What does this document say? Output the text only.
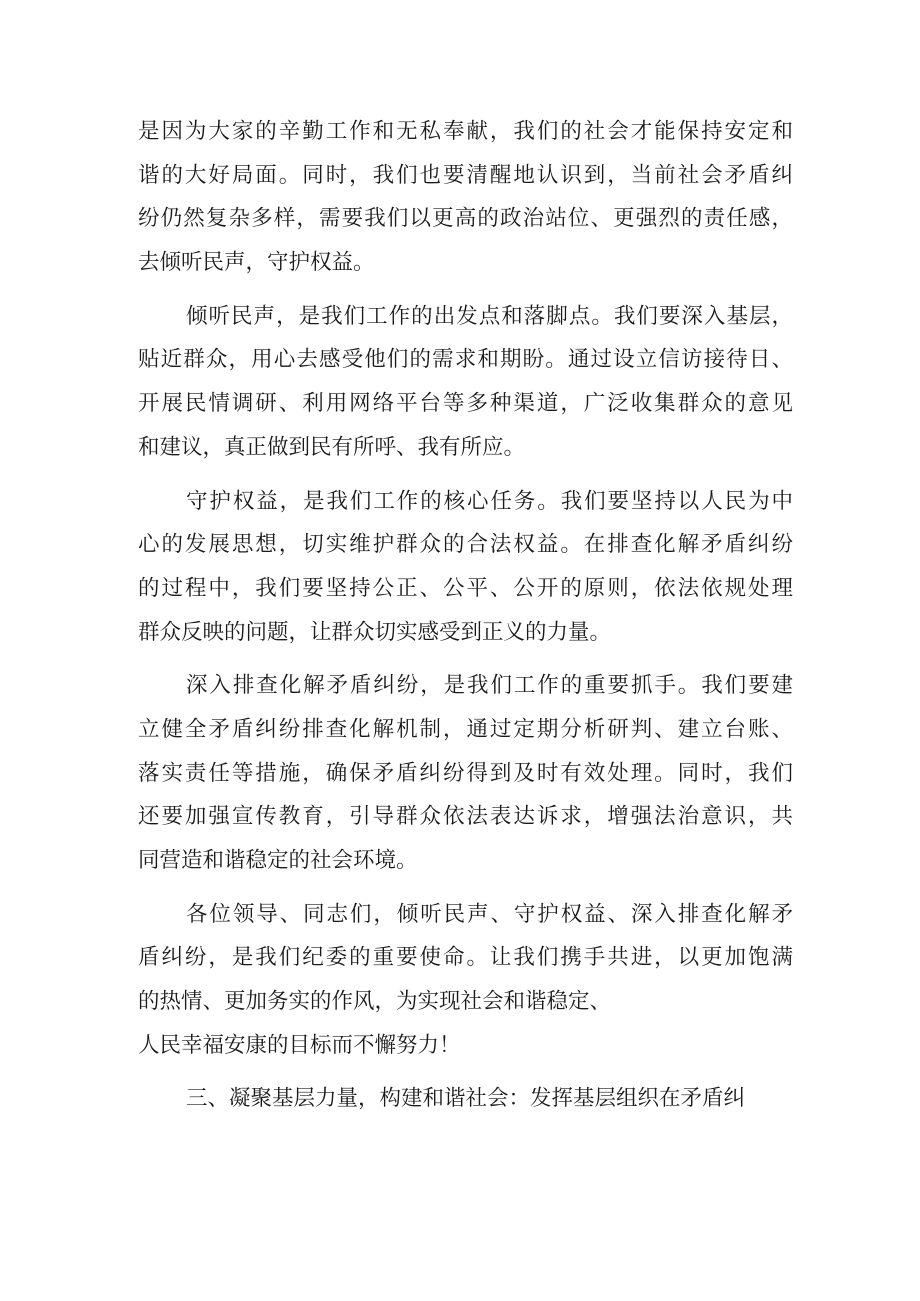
是因为大家的辛勤工作和无私奉献，我们的社会才能保持安定和
谐的大好局面。同时，我们也要清醒地认识到，当前社会矛盾纠
纷仍然复杂多样，需要我们以更高的政治站位、更强烈的责任感，
去倾听民声，守护权益。
倾听民声，是我们工作的出发点和落脚点。我们要深入基层，
贴近群众，用心去感受他们的需求和期盼。通过设立信访接待日、
开展民情调研、利用网络平台等多种渠道，广泛收集群众的意见
和建议，真正做到民有所呼、我有所应。
守护权益，是我们工作的核心任务。我们要坚持以人民为中
心的发展思想，切实维护群众的合法权益。在排查化解矛盾纠纷
的过程中，我们要坚持公正、公平、公开的原则，依法依规处理
群众反映的问题，让群众切实感受到正义的力量。
深入排查化解矛盾纠纷，是我们工作的重要抓手。我们要建
立健全矛盾纠纷排查化解机制，通过定期分析研判、建立台账、
落实责任等措施，确保矛盾纠纷得到及时有效处理。同时，我们
还要加强宣传教育，引导群众依法表达诉求，增强法治意识，共
同营造和谐稳定的社会环境。
各位领导、同志们，倾听民声、守护权益、深入排查化解矛
盾纠纷，是我们纪委的重要使命。让我们携手共进，以更加饱满
的热情、更加务实的作风，为实现社会和谐稳定、
人民幸福安康的目标而不懈努力！
三、凝聚基层力量，构建和谐社会：发挥基层组织在矛盾纠
